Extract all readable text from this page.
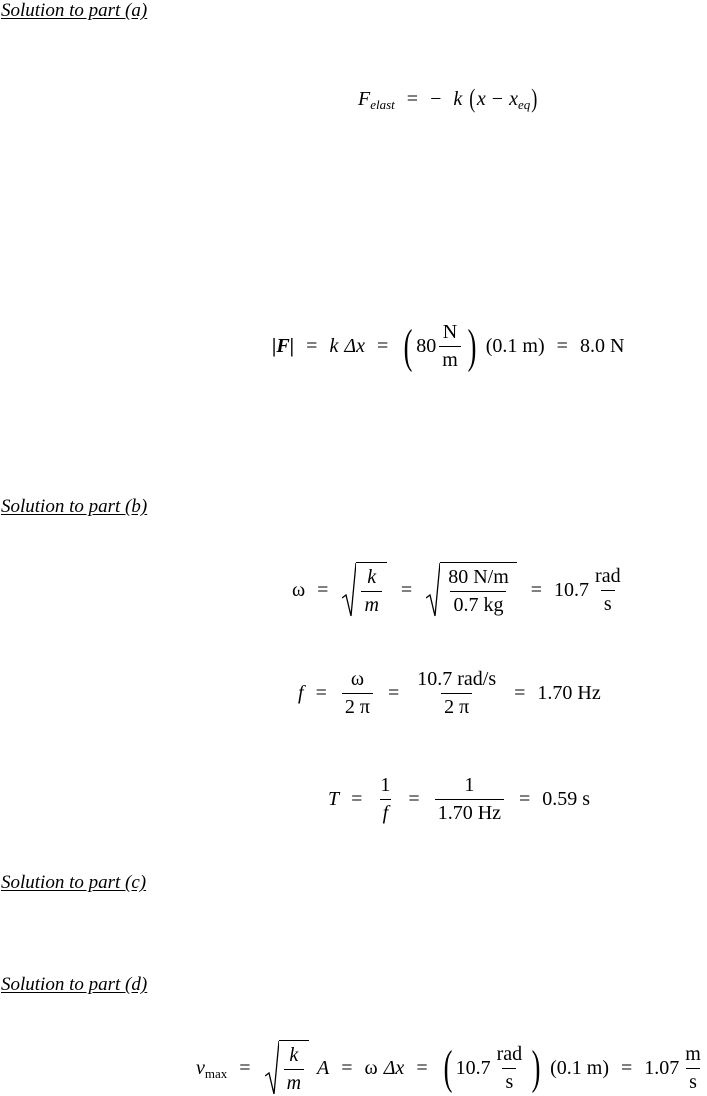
Solution to part (a)
F elast = − k ( x − x eq )
|F| = k Δx = ( $80 \frac{N}{m}$ ) (0.1 m) = 8.0 N
Solution to part (b)
$\omega = \frac{k}{m} = \frac{80 N/m}{0.7 kg} = 10.7 \frac{\text{rad}}{s}$
$f = \frac{\omega}{2 \pi} = \frac{\text{10.7 rad/s}}{2 \pi} = 1.70$ Hz
$T = \frac{1}{f} = \frac{1}{1.70 Hz} = 0.59$ s
Solution to part (c)
Solution to part (d)
v $\max = \frac{k}{m}$ A = ω Δx = ( $10.7 \frac{\text{rad}}{s}$ ) (0.1 $m) = 1.07 \frac{m}{s}$
